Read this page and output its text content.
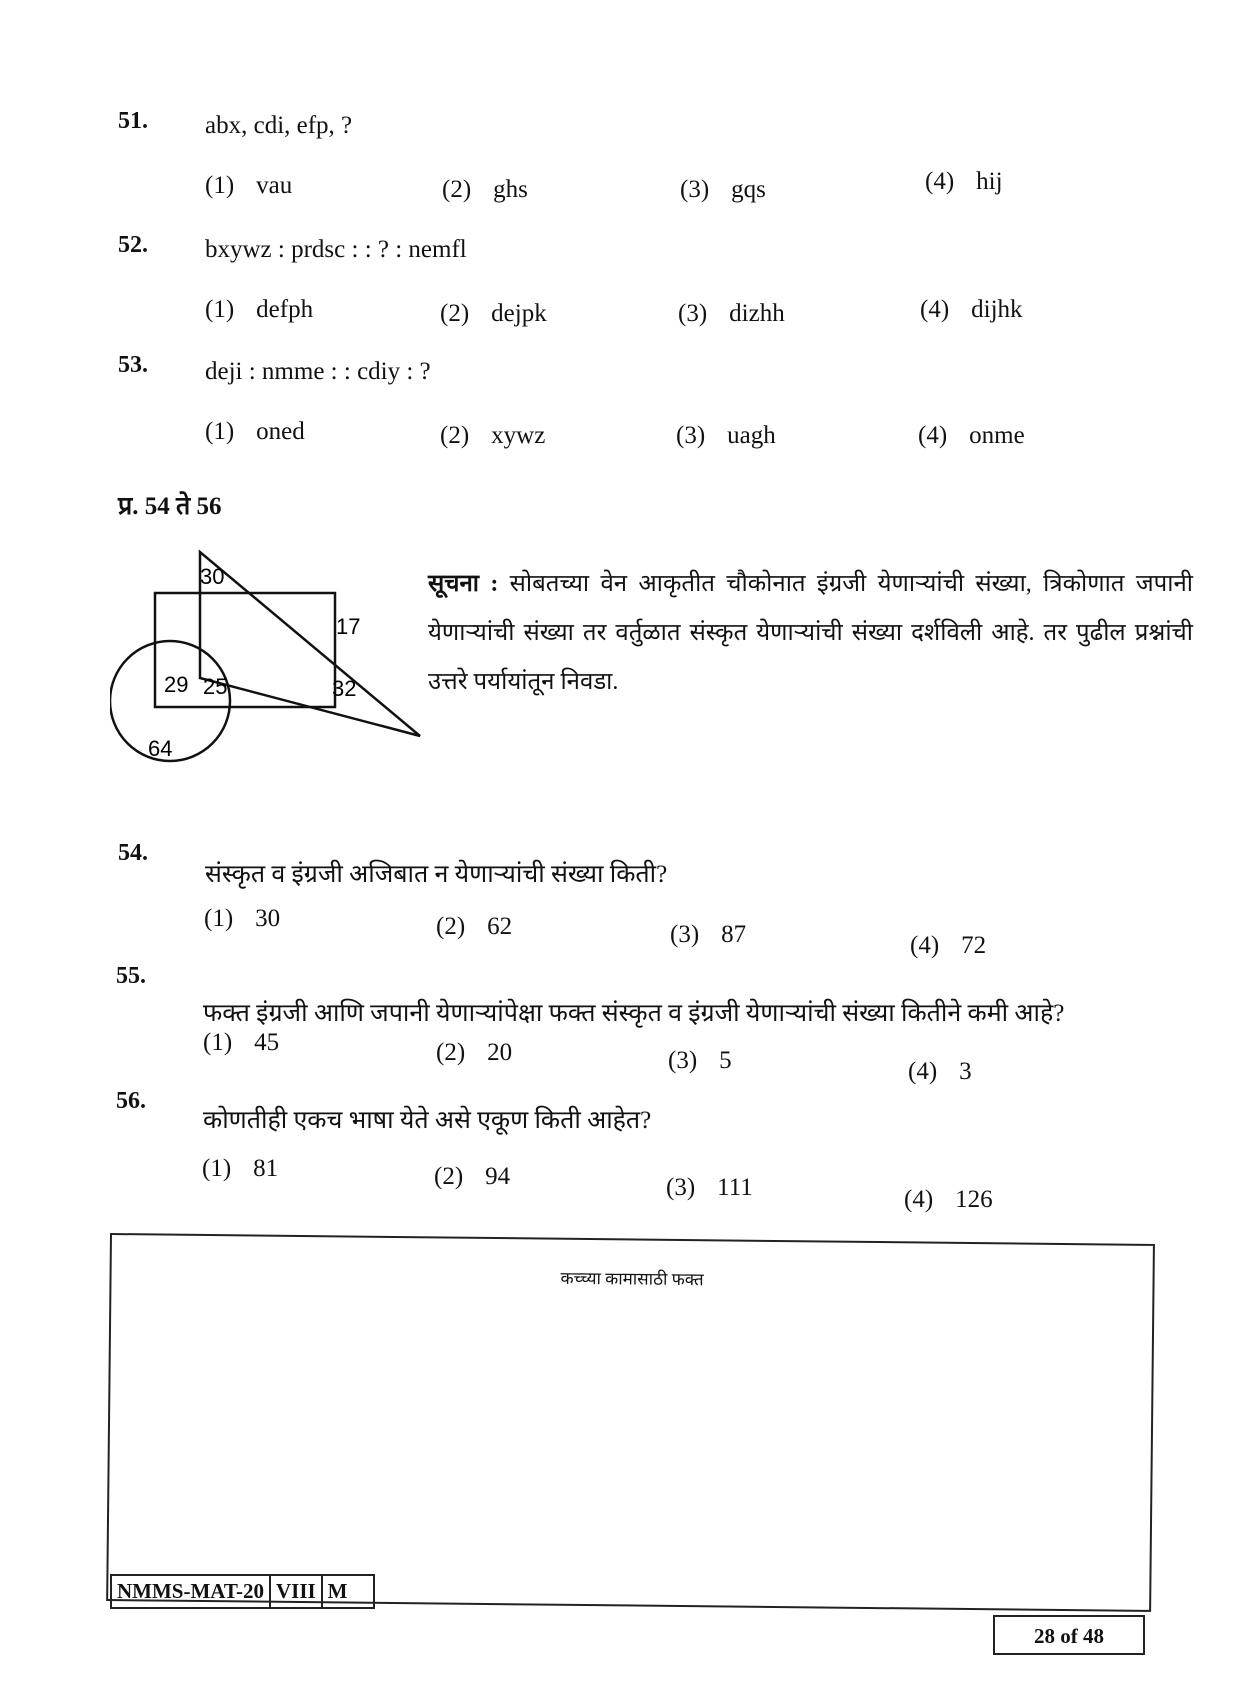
51. abx, cdi, efp, ?
(1) vau	(2) ghs	(3) gqs	(4) hij
52. bxywz : prdsc : : ? : nemfl
(1) defph	(2) dejpk	(3) dizhh	(4) dijhk
53. deji : nmme : : cdiy : ?
(1) oned	(2) xywz	(3) uagh	(4) onme
प्र. 54 ते 56
30
17
29 25	32
64
सूचना : सोबतच्या वेन आकृतीत चौकोनात इंग्रजी येणाऱ्यांची संख्या, त्रिकोणात जपानी येणाऱ्यांची संख्या तर वर्तुळात संस्कृत येणाऱ्यांची संख्या दर्शविली आहे. तर पुढील प्रश्नांची उत्तरे पर्यायांतून निवडा.
54.
संस्कृत व इंग्रजी अजिबात न येणाऱ्यांची संख्या किती?
(1) 30	(2) 62	(3) 87	(4) 72
55.
फक्त इंग्रजी आणि जपानी येणाऱ्यांपेक्षा फक्त संस्कृत व इंग्रजी येणाऱ्यांची संख्या कितीने कमी आहे?
(1) 45	(2) 20	(3) 5	(4) 3
56.
कोणतीही एकच भाषा येते असे एकूण किती आहेत?
(1) 81	(2) 94	(3) 111	(4) 126
कच्च्या कामासाठी फक्त
NMMS-MAT-20 VIII M
28 of 48
